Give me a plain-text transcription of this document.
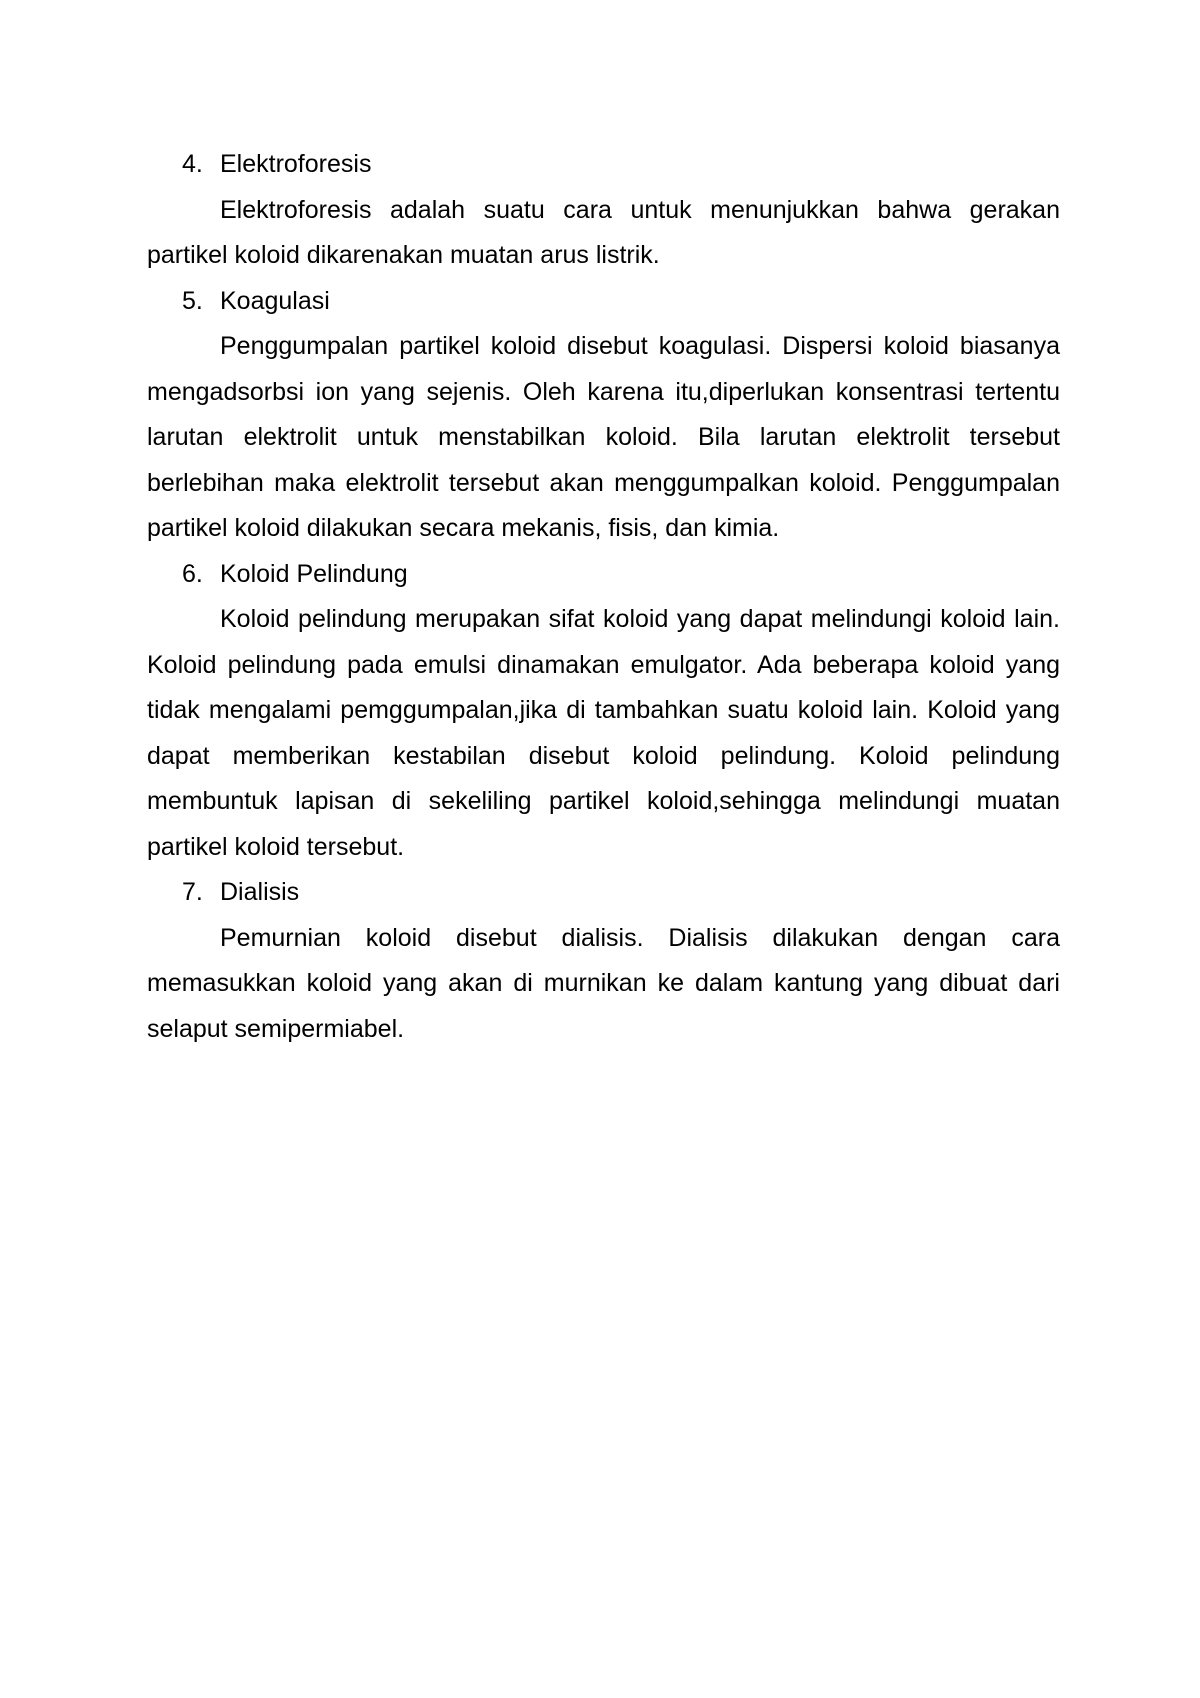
4. Elektroforesis

Elektroforesis adalah suatu cara untuk menunjukkan bahwa gerakan partikel koloid dikarenakan muatan arus listrik.

5. Koagulasi

Penggumpalan partikel koloid disebut koagulasi. Dispersi koloid biasanya mengadsorbsi ion yang sejenis. Oleh karena itu,diperlukan konsentrasi tertentu larutan elektrolit untuk menstabilkan koloid. Bila larutan elektrolit tersebut berlebihan maka elektrolit tersebut akan menggumpalkan koloid. Penggumpalan partikel koloid dilakukan secara mekanis, fisis, dan kimia.

6. Koloid Pelindung

Koloid pelindung merupakan sifat koloid yang dapat melindungi koloid lain. Koloid pelindung pada emulsi dinamakan emulgator. Ada beberapa koloid yang tidak mengalami pemggumpalan,jika di tambahkan suatu koloid lain. Koloid yang dapat memberikan kestabilan disebut koloid pelindung. Koloid pelindung membuntuk lapisan di sekeliling partikel koloid,sehingga melindungi muatan partikel koloid tersebut.

7. Dialisis

Pemurnian koloid disebut dialisis. Dialisis dilakukan dengan cara memasukkan koloid yang akan di murnikan ke dalam kantung yang dibuat dari selaput semipermiabel.
